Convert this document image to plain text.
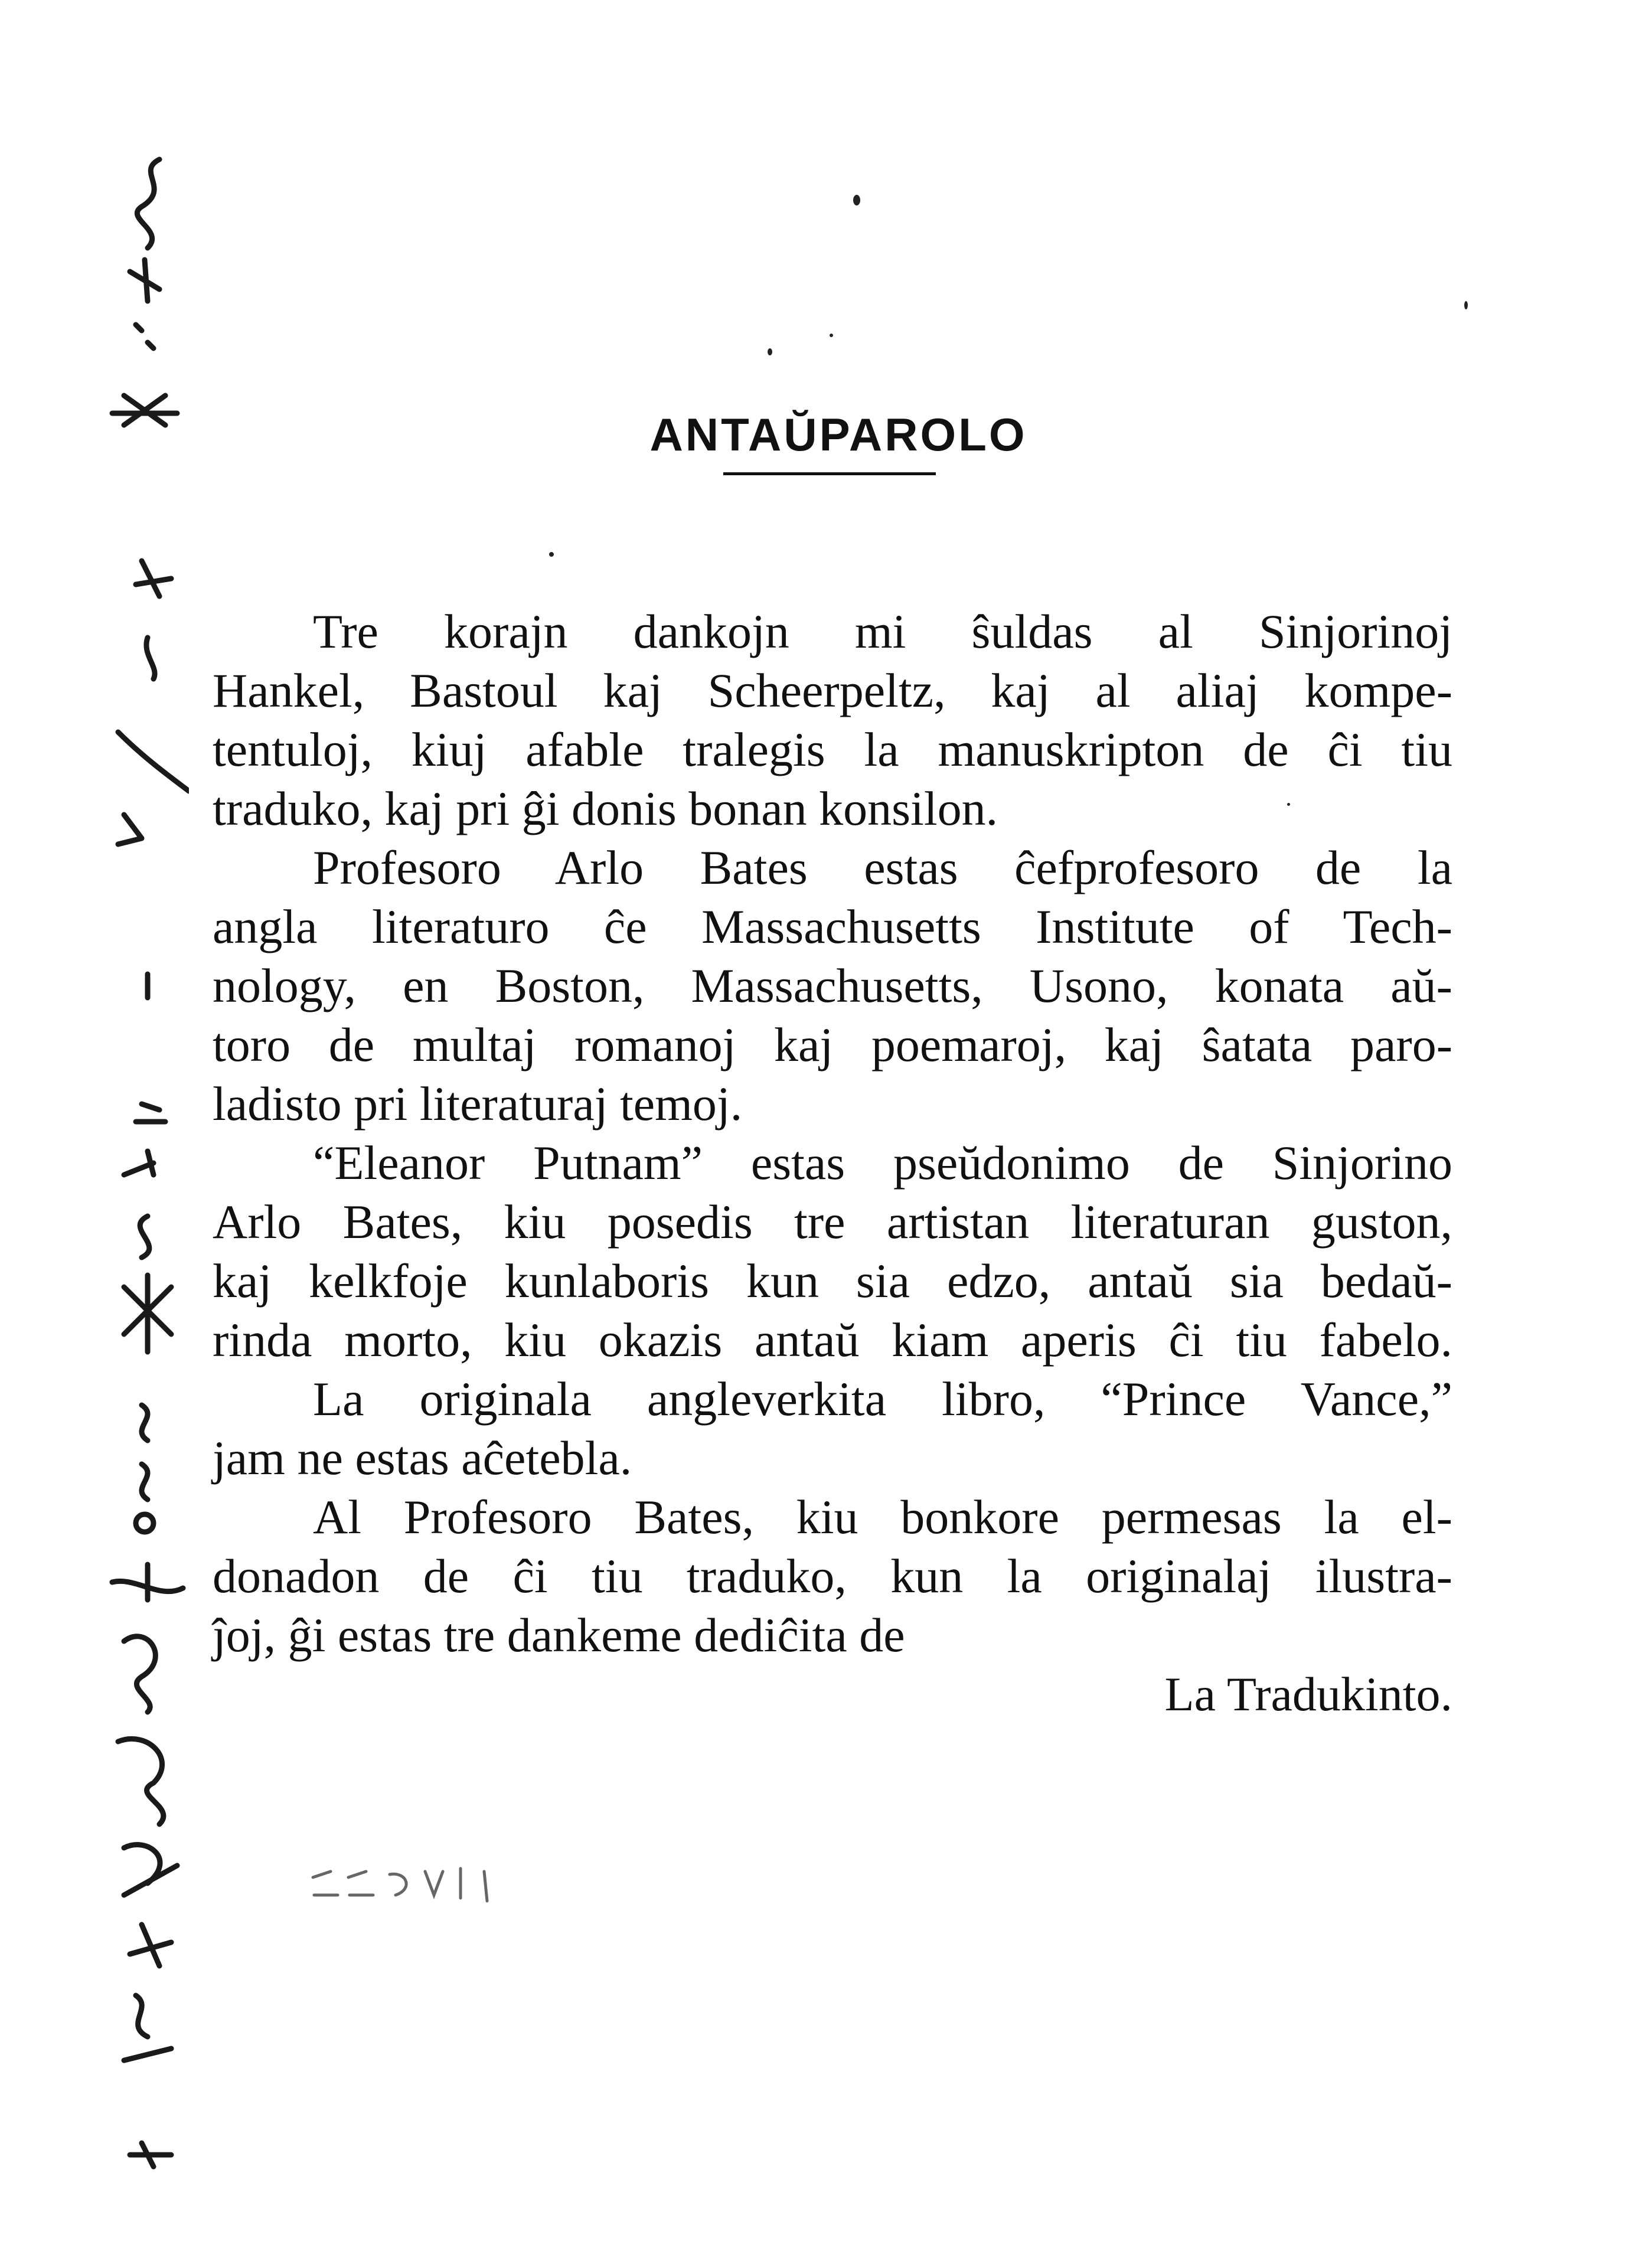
ANTAŬPAROLO
Tre korajn dankojn mi ŝuldas al Sinjorinoj
Hankel, Bastoul kaj Scheerpeltz, kaj al aliaj kompe-
tentuloj, kiuj afable tralegis la manuskripton de ĉi tiu
traduko, kaj pri ĝi donis bonan konsilon.
Profesoro Arlo Bates estas ĉefprofesoro de la
angla literaturo ĉe Massachusetts Institute of Tech-
nology, en Boston, Massachusetts, Usono, konata aŭ-
toro de multaj romanoj kaj poemaroj, kaj ŝatata paro-
ladisto pri literaturaj temoj.
“Eleanor Putnam” estas pseŭdonimo de Sinjorino
Arlo Bates, kiu posedis tre artistan literaturan guston,
kaj kelkfoje kunlaboris kun sia edzo, antaŭ sia bedaŭ-
rinda morto, kiu okazis antaŭ kiam aperis ĉi tiu fabelo.
La originala angleverkita libro, “Prince Vance,”
jam ne estas aĉetebla.
Al Profesoro Bates, kiu bonkore permesas la el-
donadon de ĉi tiu traduko, kun la originalaj ilustra-
ĵoj, ĝi estas tre dankeme dediĉita de
La Tradukinto.
